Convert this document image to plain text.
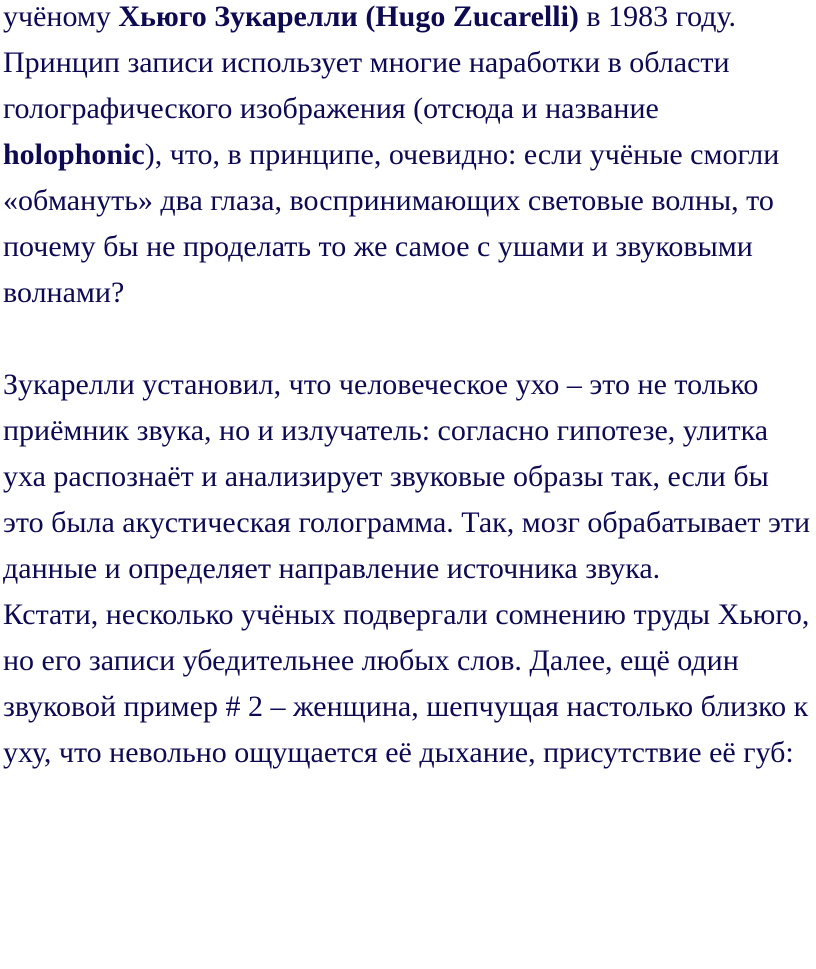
учёному Хьюго Зукарелли (Hugo Zucarelli) в 1983 году. Принцип записи использует многие наработки в области голографического изображения (отсюда и название holophonic), что, в принципе, очевидно: если учёные смогли «обмануть» два глаза, воспринимающих световые волны, то почему бы не проделать то же самое с ушами и звуковыми волнами?

Зукарелли установил, что человеческое ухо – это не только приёмник звука, но и излучатель: согласно гипотезе, улитка уха распознаёт и анализирует звуковые образы так, если бы это была акустическая голограмма. Так, мозг обрабатывает эти данные и определяет направление источника звука.

Кстати, несколько учёных подвергали сомнению труды Хьюго, но его записи убедительнее любых слов. Далее, ещё один звуковой пример # 2 – женщина, шепчущая настолько близко к уху, что невольно ощущается её дыхание, присутствие её губ:
